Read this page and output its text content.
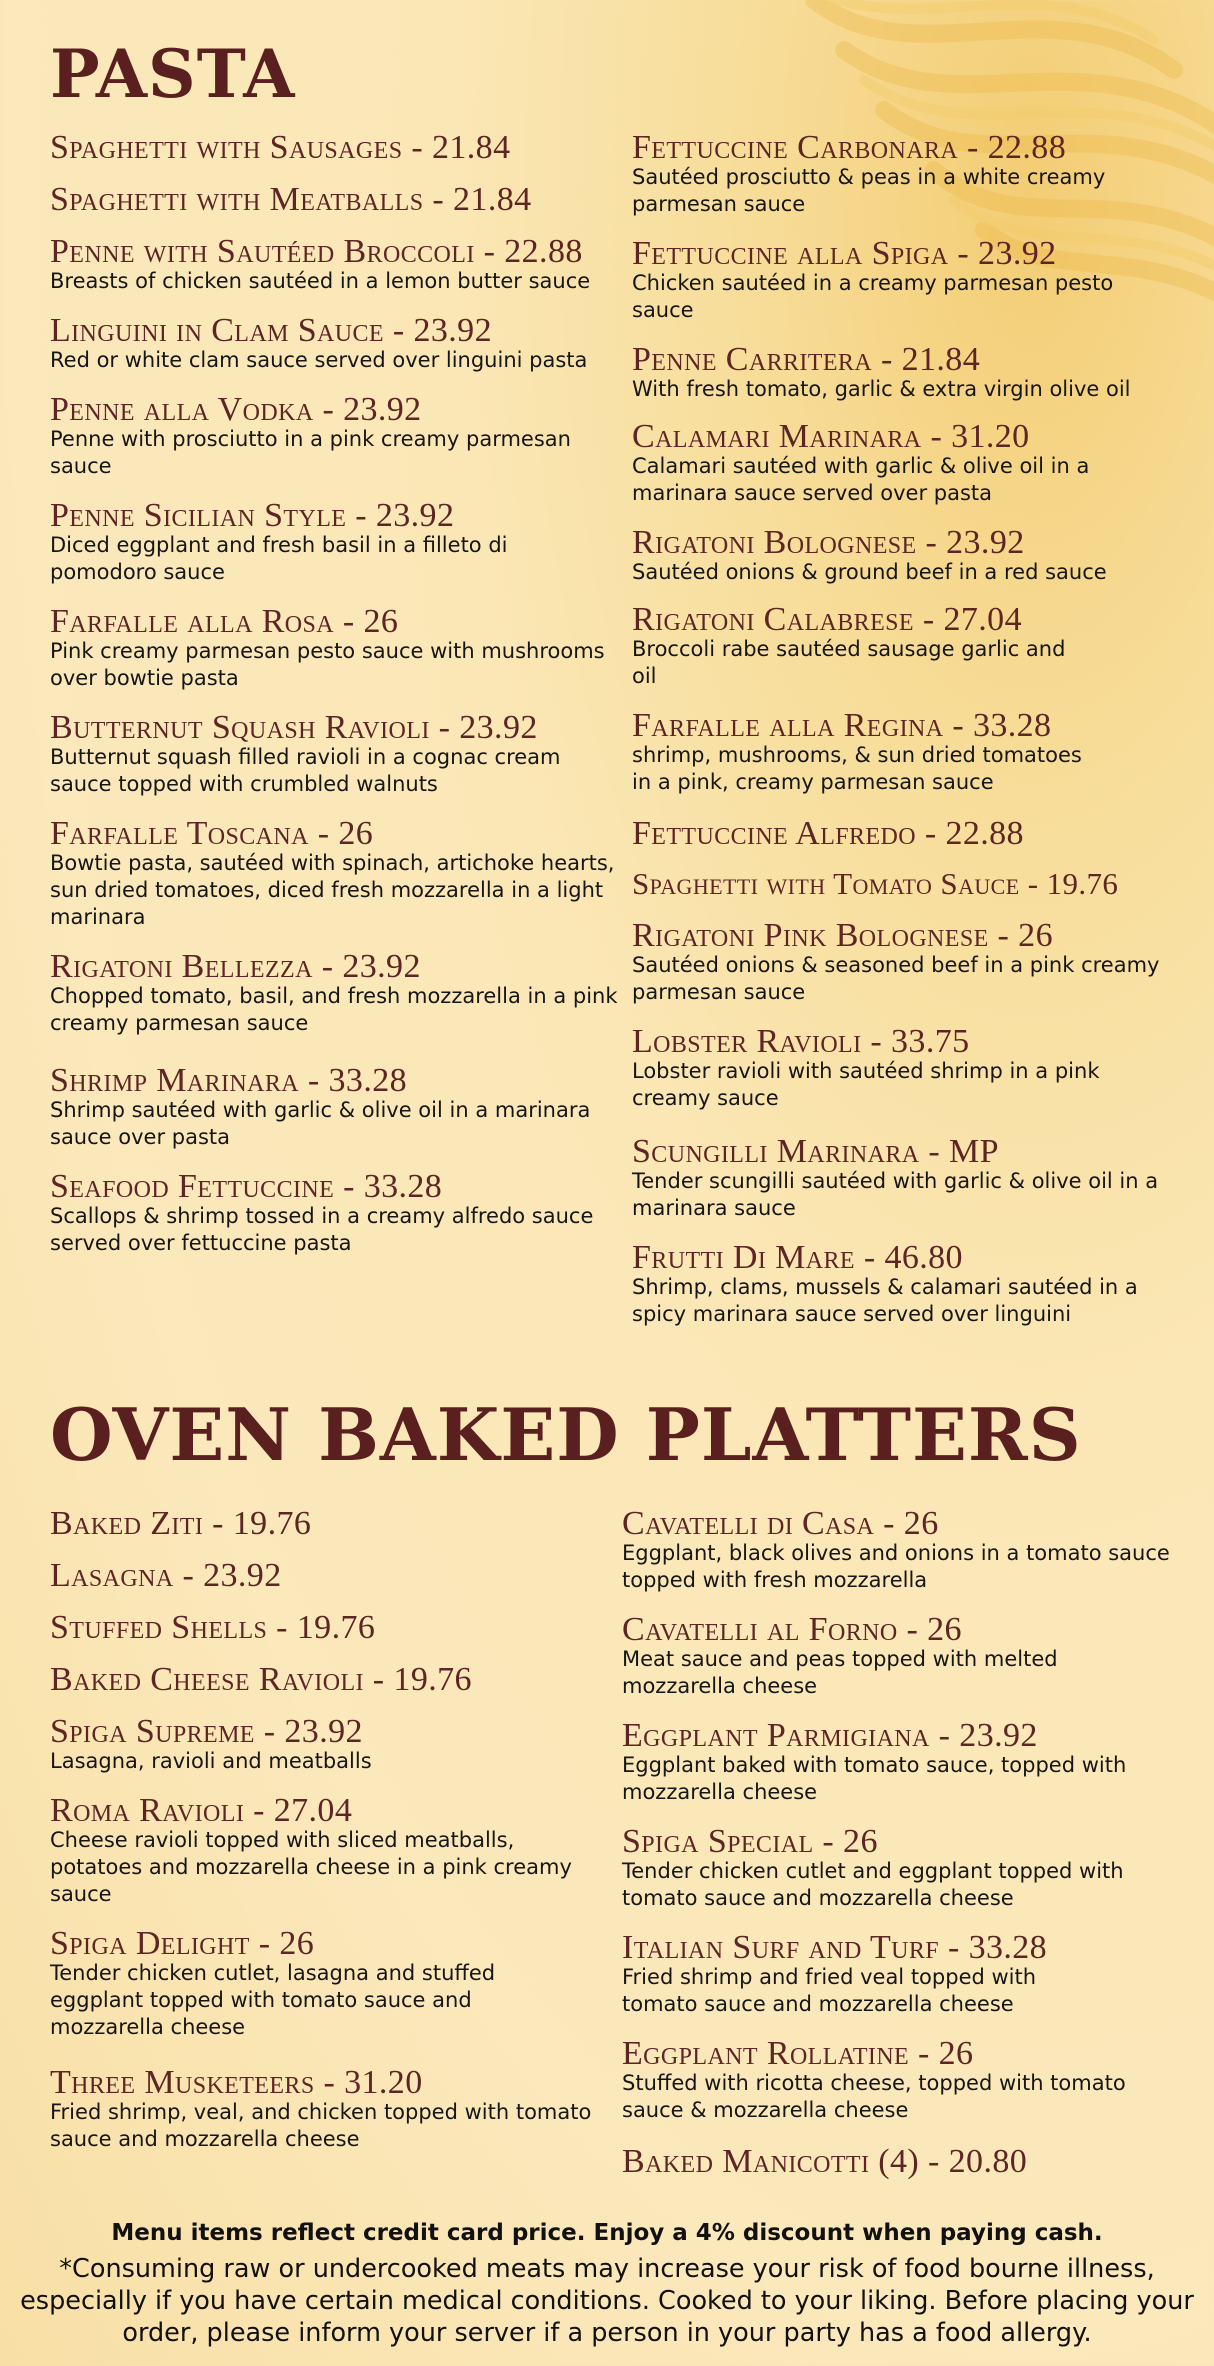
PASTA
Spaghetti with Sausages - 21.84
Spaghetti with Meatballs - 21.84
Penne with Sautéed Broccoli - 22.88
Breasts of chicken sautéed in a lemon butter sauce
Linguini in Clam Sauce - 23.92
Red or white clam sauce served over linguini pasta
Penne alla Vodka - 23.92
Penne with prosciutto in a pink creamy parmesan sauce
Penne Sicilian Style - 23.92
Diced eggplant and fresh basil in a filleto di pomodoro sauce
Farfalle alla Rosa - 26
Pink creamy parmesan pesto sauce with mushrooms over bowtie pasta
Butternut Squash Ravioli - 23.92
Butternut squash filled ravioli in a cognac cream sauce topped with crumbled walnuts
Farfalle Toscana - 26
Bowtie pasta, sautéed with spinach, artichoke hearts, sun dried tomatoes, diced fresh mozzarella in a light marinara
Rigatoni Bellezza - 23.92
Chopped tomato, basil, and fresh mozzarella in a pink creamy parmesan sauce
Shrimp Marinara - 33.28
Shrimp sautéed with garlic & olive oil in a marinara sauce over pasta
Seafood Fettuccine - 33.28
Scallops & shrimp tossed in a creamy alfredo sauce served over fettuccine pasta
Fettuccine Carbonara - 22.88
Sautéed prosciutto & peas in a white creamy parmesan sauce
Fettuccine alla Spiga - 23.92
Chicken sautéed in a creamy parmesan pesto sauce
Penne Carritera - 21.84
With fresh tomato, garlic & extra virgin olive oil
Calamari Marinara - 31.20
Calamari sautéed with garlic & olive oil in a marinara sauce served over pasta
Rigatoni Bolognese - 23.92
Sautéed onions & ground beef in a red sauce
Rigatoni Calabrese - 27.04
Broccoli rabe sautéed sausage garlic and oil
Farfalle alla Regina - 33.28
shrimp, mushrooms, & sun dried tomatoes in a pink, creamy parmesan sauce
Fettuccine Alfredo - 22.88
Spaghetti with Tomato Sauce - 19.76
Rigatoni Pink Bolognese - 26
Sautéed onions & seasoned beef in a pink creamy parmesan sauce
Lobster Ravioli - 33.75
Lobster ravioli with sautéed shrimp in a pink creamy sauce
Scungilli Marinara - MP
Tender scungilli sautéed with garlic & olive oil in a marinara sauce
Frutti Di Mare - 46.80
Shrimp, clams, mussels & calamari sautéed in a spicy marinara sauce served over linguini
OVEN BAKED PLATTERS
Baked Ziti - 19.76
Lasagna - 23.92
Stuffed Shells - 19.76
Baked Cheese Ravioli - 19.76
Spiga Supreme - 23.92
Lasagna, ravioli and meatballs
Roma Ravioli - 27.04
Cheese ravioli topped with sliced meatballs, potatoes and mozzarella cheese in a pink creamy sauce
Spiga Delight - 26
Tender chicken cutlet, lasagna and stuffed eggplant topped with tomato sauce and mozzarella cheese
Three Musketeers - 31.20
Fried shrimp, veal, and chicken topped with tomato sauce and mozzarella cheese
Cavatelli di Casa - 26
Eggplant, black olives and onions in a tomato sauce topped with fresh mozzarella
Cavatelli al Forno - 26
Meat sauce and peas topped with melted mozzarella cheese
Eggplant Parmigiana - 23.92
Eggplant baked with tomato sauce, topped with mozzarella cheese
Spiga Special - 26
Tender chicken cutlet and eggplant topped with tomato sauce and mozzarella cheese
Italian Surf and Turf - 33.28
Fried shrimp and fried veal topped with tomato sauce and mozzarella cheese
Eggplant Rollatine - 26
Stuffed with ricotta cheese, topped with tomato sauce & mozzarella cheese
Baked Manicotti (4) - 20.80
Menu items reflect credit card price. Enjoy a 4% discount when paying cash.
*Consuming raw or undercooked meats may increase your risk of food bourne illness, especially if you have certain medical conditions. Cooked to your liking. Before placing your order, please inform your server if a person in your party has a food allergy.
